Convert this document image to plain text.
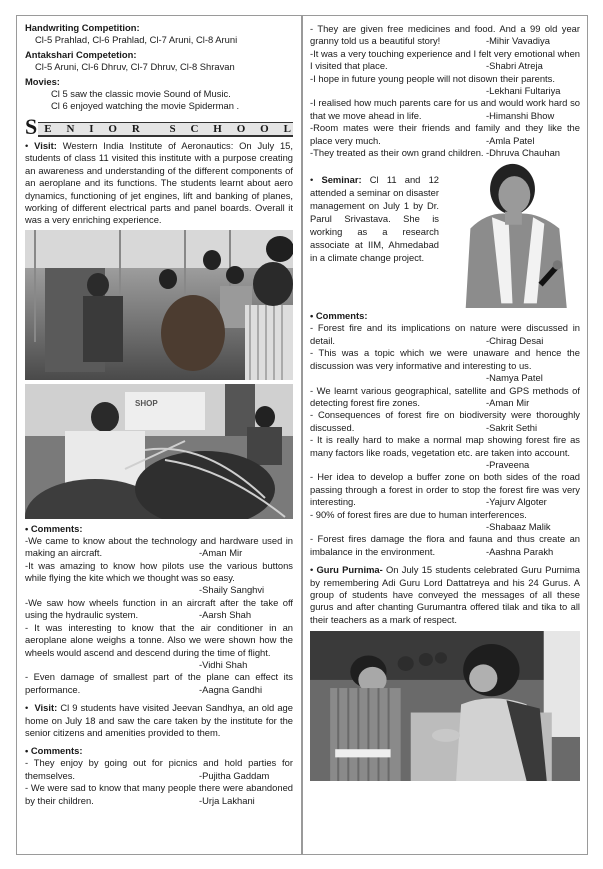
Handwriting Competition:
Cl-5 Prahlad, Cl-6 Prahlad, Cl-7 Aruni, Cl-8 Aruni
Antakshari Competetion:
Cl-5 Aruni, Cl-6 Dhruv, Cl-7 Dhruv, Cl-8 Shravan
Movies:
Cl 5 saw the classic movie Sound of Music.
Cl 6 enjoyed watching the movie Spiderman .
S E N I O R	S C H O O L
• Visit: Western India Institute of Aeronautics: On July 15, students of class 11 visited this institute with a purpose creating an awareness and understanding of the different components of an aeroplane and its functions. The students learnt about aero dynamics, functioning of jet engines, lift and banking of planes, working of different electrical parts and panel boards. Overall it was a very enriching experience.
SHOP
• Comments:
-We came to know about the technology and hardware used in making an aircraft.	-Aman Mir
-It was amazing to know how pilots use the various buttons while flying the kite which we thought was so easy.
-Shaily Sanghvi
-We saw how wheels function in an aircraft after the take off using the hydraulic system.	-Aarsh Shah
- It was interesting to know that the air conditioner in an aeroplane alone weighs a tonne. Also we were shown how the wheels would ascend and descend during the time of flight.
-Vidhi Shah
- Even damage of smallest part of the plane can effect its performance.	-Aagna Gandhi
•  Visit: Cl 9 students have visited Jeevan Sandhya, an old age home on July 18 and saw the care taken by the institute for the senior citizens and amenities provided to them.
• Comments:
- They enjoy by going out for picnics and hold parties for themselves.	-Pujitha Gaddam
- We were sad to know that many people there were abandoned by their children.	-Urja Lakhani
- They are given free medicines and food. And a 99 old year granny told us a beautiful story!	-Mihir Vavadiya
-It was a very touching experience and I felt very emotional when I visited that place.	-Shabri Atreja
-I hope in future young people will not disown their parents.
-Lekhani Fultariya
-I realised how much parents care for us and would work hard so that we move ahead in life.	-Himanshi Bhow
-Room mates were their friends and family and they like the place very much.	-Amla Patel
-They treated as their own grand children. -Dhruva Chauhan
• Seminar: Cl 11 and 12 attended a seminar on disaster management on July 1 by Dr. Parul Srivastava. She is working as a research associate at IIM, Ahmedabad in a climate change project.
• Comments:
- Forest fire and its implications on nature were discussed in detail.	-Chirag Desai
- This was a topic which we were unaware and hence the discussion was very informative and interesting to us.
-Namya Patel
- We learnt various geographical, satellite and GPS methods of detecting forest fire zones.	-Aman Mir
- Consequences of forest fire on biodiversity were thoroughly discussed.	-Sakrit Sethi
- It is really hard to make a normal map showing forest fire as many factors like roads, vegetation etc. are taken into account.
-Praveena
- Her idea to develop a buffer zone on both sides of the road passing through a forest in order to stop the forest fire was very interesting.	-Yajurv Algoter
- 90% of forest fires are due to human interferences.
-Shabaaz Malik
- Forest fires damage the flora and fauna and thus create an imbalance in the environment.	-Aashna Parakh
• Guru Purnima- On July 15 students celebrated Guru Purnima by remembering Adi Guru Lord Dattatreya and his 24 Gurus. A group of students have conveyed the messages of all these gurus and after chanting Gurumantra offered tilak and tika to all their teachers as a mark of respect.
